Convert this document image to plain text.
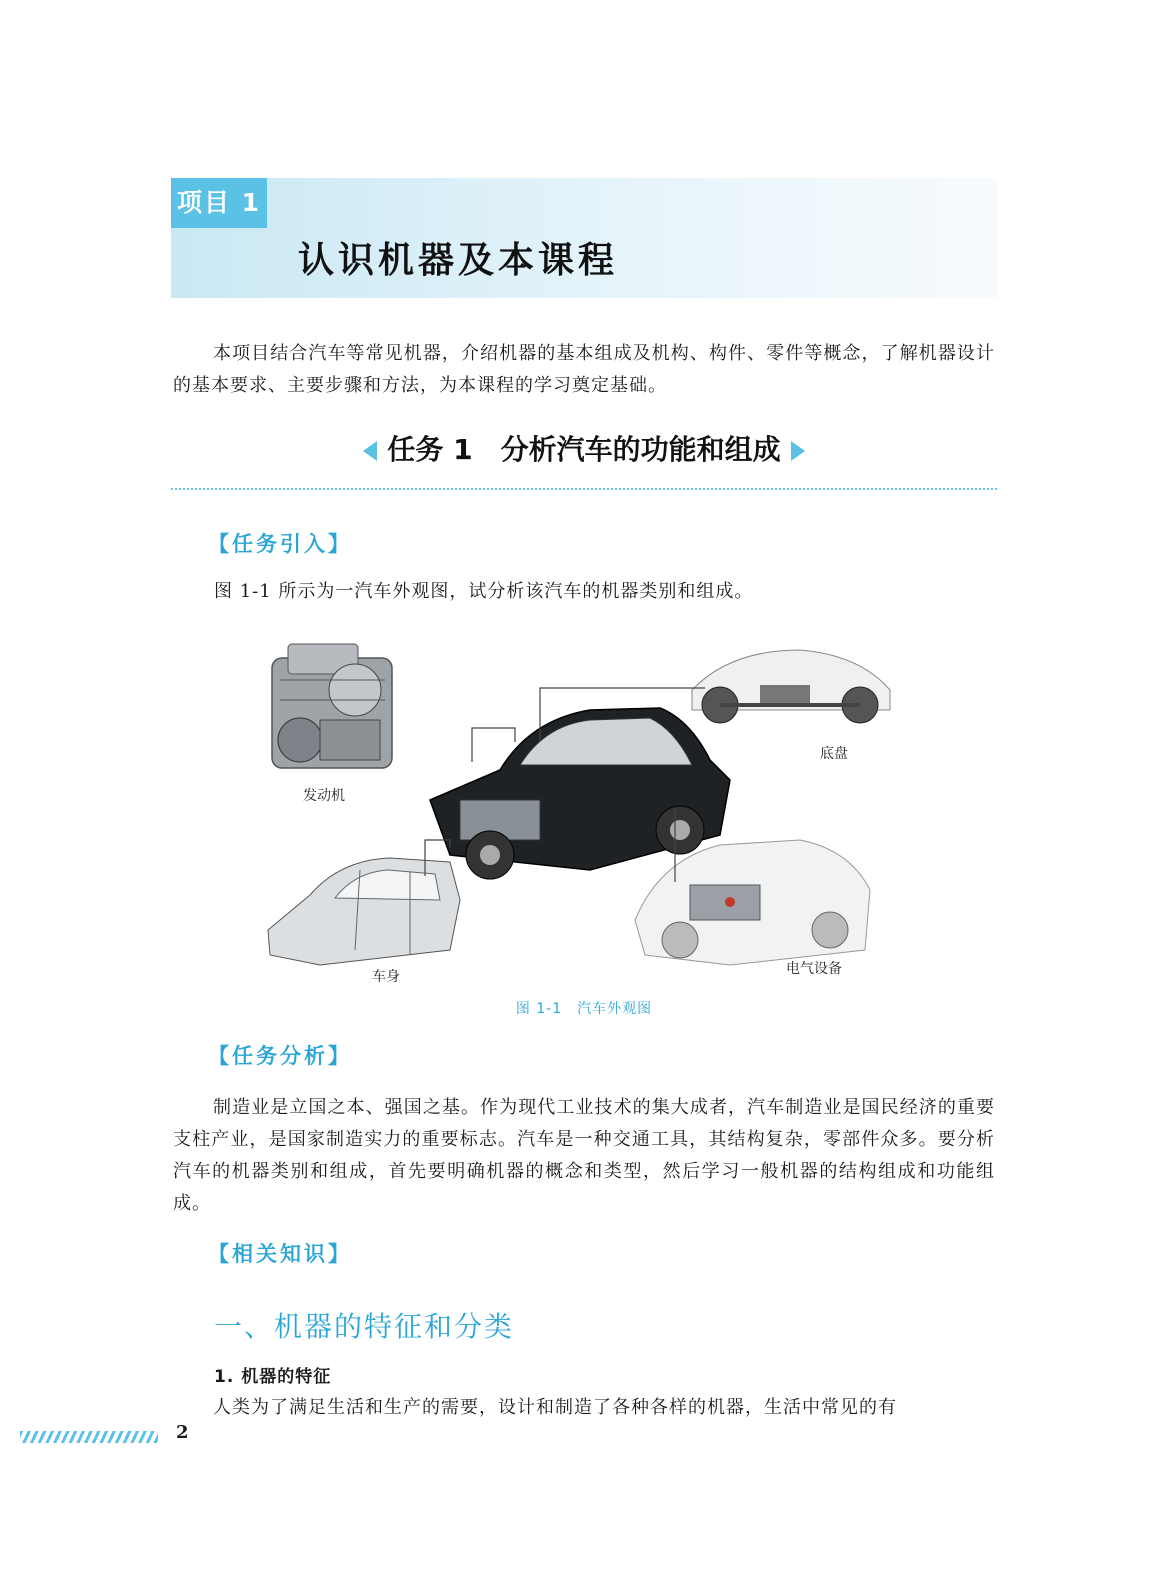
项目 1
认识机器及本课程
本项目结合汽车等常见机器，介绍机器的基本组成及机构、构件、零件等概念，了解机器设计的基本要求、主要步骤和方法，为本课程的学习奠定基础。
任务 1 分析汽车的功能和组成
【任务引入】
图 1-1 所示为一汽车外观图，试分析该汽车的机器类别和组成。
发动机
底盘
车身	电气设备
图 1-1　汽车外观图
【任务分析】
制造业是立国之本、强国之基。作为现代工业技术的集大成者，汽车制造业是国民经济的重要支柱产业，是国家制造实力的重要标志。汽车是一种交通工具，其结构复杂，零部件众多。要分析汽车的机器类别和组成，首先要明确机器的概念和类型，然后学习一般机器的结构组成和功能组成。
【相关知识】
一、机器的特征和分类
1. 机器的特征
人类为了满足生活和生产的需要，设计和制造了各种各样的机器，生活中常见的有
2
